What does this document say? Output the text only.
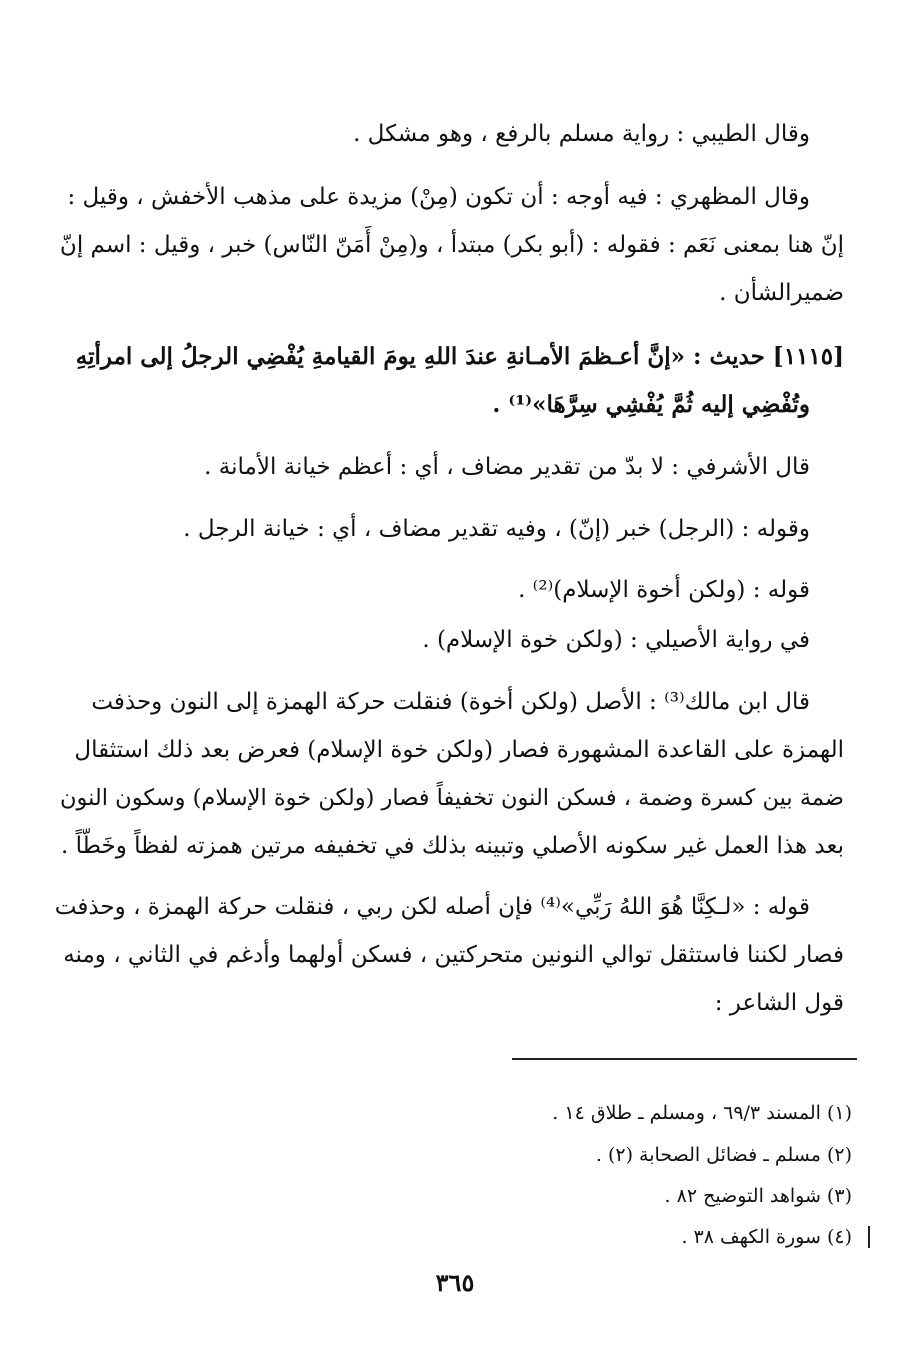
وقال الطيبي : رواية مسلم بالرفع ، وهو مشكل .
وقال المظهري : فيه أوجه : أن تكون (مِنْ) مزيدة على مذهب الأخفش ، وقيل :
إنّ هنا بمعنى نَعَم : فقوله : (أبو بكر) مبتدأ ، و(مِنْ أَمَنّ النّاس) خبر ، وقيل : اسم إنّ
ضميرالشأن .
[١١١٥] حديث : «إنَّ أعـظمَ الأمـانةِ عندَ اللهِ يومَ القيامةِ يُفْضِي الرجلُ إلى امرأتِهِ
وتُفْضِي إليه ثُمَّ يُفْشِي سِرَّهَا»⁽¹⁾ .
قال الأشرفي : لا بدّ من تقدير مضاف ، أي : أعظم خيانة الأمانة .
وقوله : (الرجل) خبر (إنّ) ، وفيه تقدير مضاف ، أي : خيانة الرجل .
قوله : (ولكن أخوة الإسلام)⁽²⁾ .
في رواية الأصيلي : (ولكن خوة الإسلام) .
قال ابن مالك⁽³⁾ : الأصل (ولكن أخوة) فنقلت حركة الهمزة إلى النون وحذفت
الهمزة على القاعدة المشهورة فصار (ولكن خوة الإسلام) فعرض بعد ذلك استثقال
ضمة بين كسرة وضمة ، فسكن النون تخفيفاً فصار (ولكن خوة الإسلام) وسكون النون
بعد هذا العمل غير سكونه الأصلي وتبينه بذلك في تخفيفه مرتين همزته لفظاً وخَطّاً .
قوله : «لـكِنَّا هُوَ اللهُ رَبِّي»⁽⁴⁾ فإن أصله لكن ربي ، فنقلت حركة الهمزة ، وحذفت
فصار لكننا فاستثقل توالي النونين متحركتين ، فسكن أولهما وأدغم في الثاني ، ومنه
قول الشاعر :
(١) المسند ٦٩/٣ ، ومسلم ـ طلاق ١٤ .
(٢) مسلم ـ فضائل الصحابة (٢) .
(٣) شواهد التوضيح ٨٢ .
(٤) سورة الكهف ٣٨ .
٣٦٥
